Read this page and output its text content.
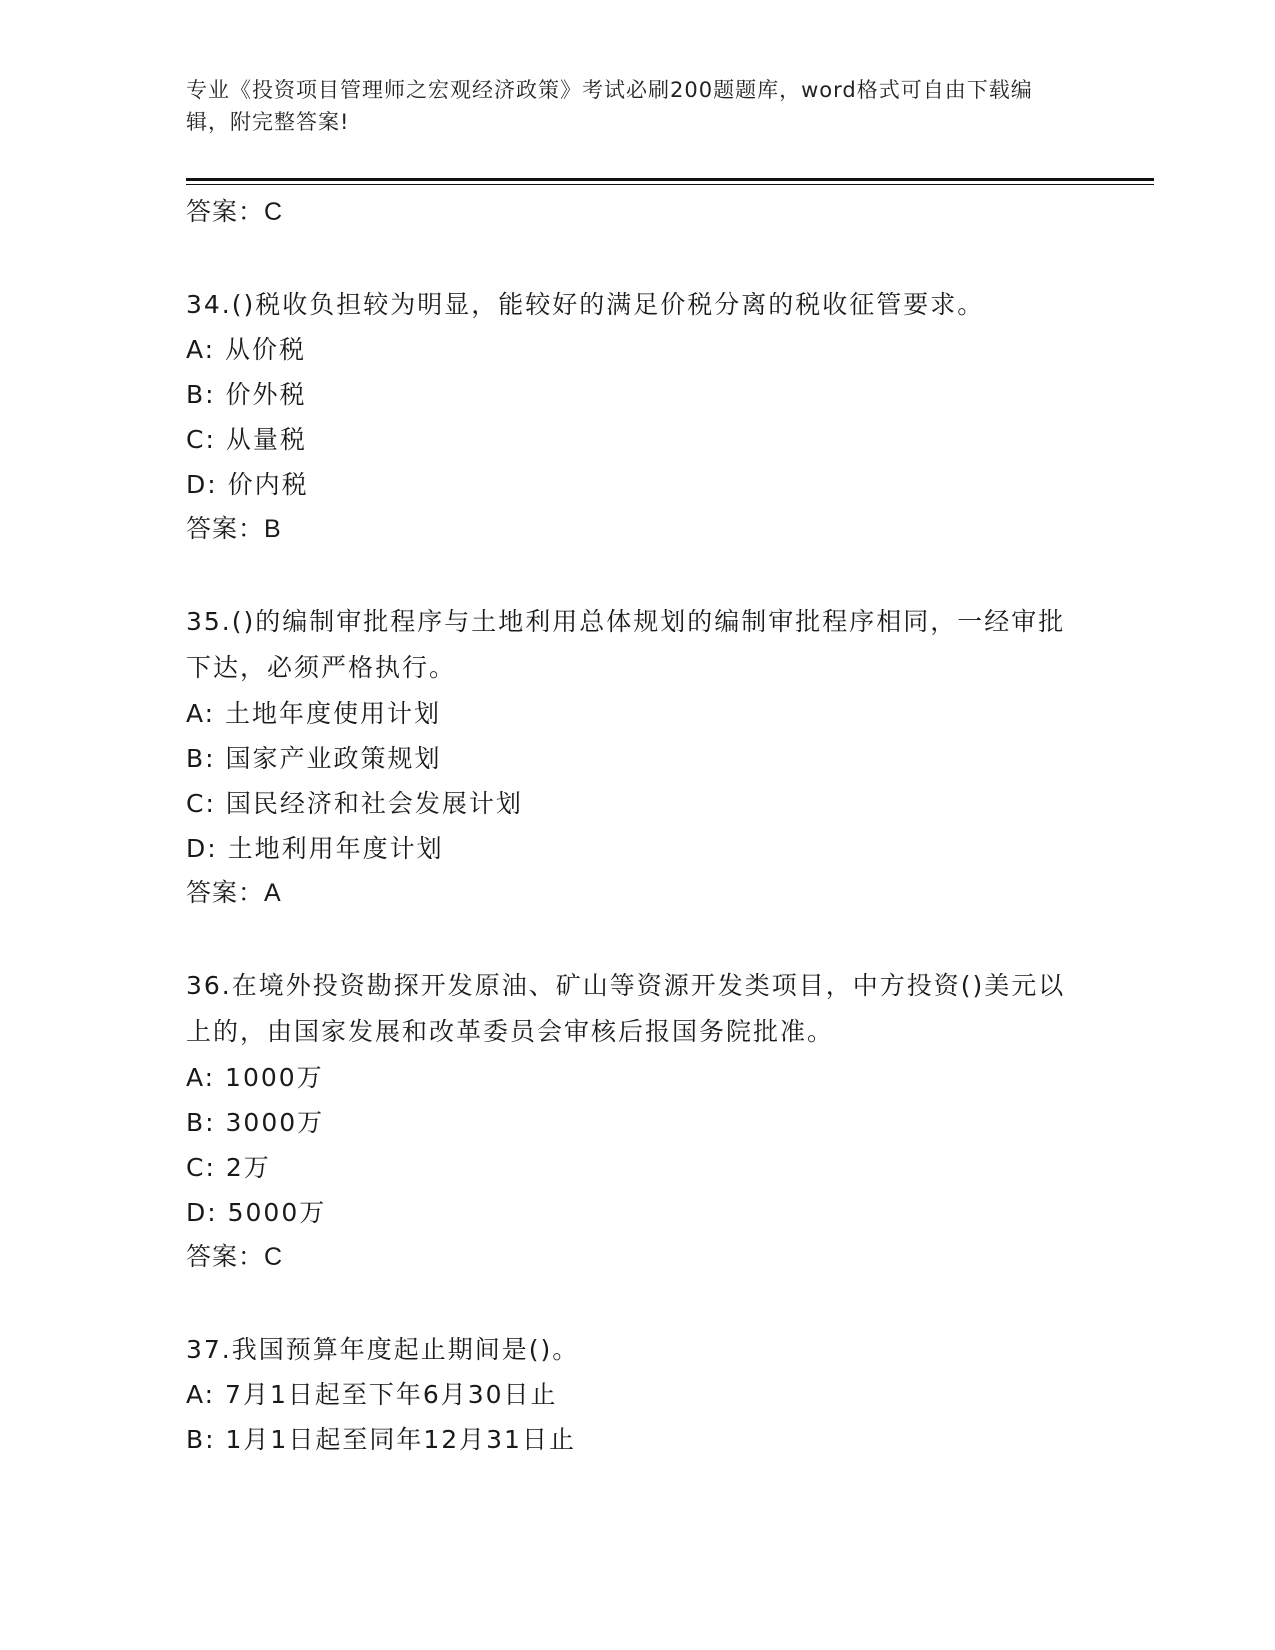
专业《投资项目管理师之宏观经济政策》考试必刷200题题库，word格式可自由下载编辑，附完整答案!
答案：C
34.()税收负担较为明显，能较好的满足价税分离的税收征管要求。
A: 从价税
B: 价外税
C: 从量税
D: 价内税
答案：B
35.()的编制审批程序与土地利用总体规划的编制审批程序相同，一经审批下达，必须严格执行。
A: 土地年度使用计划
B: 国家产业政策规划
C: 国民经济和社会发展计划
D: 土地利用年度计划
答案：A
36.在境外投资勘探开发原油、矿山等资源开发类项目，中方投资()美元以上的，由国家发展和改革委员会审核后报国务院批准。
A: 1000万
B: 3000万
C: 2万
D: 5000万
答案：C
37.我国预算年度起止期间是()。
A: 7月1日起至下年6月30日止
B: 1月1日起至同年12月31日止
